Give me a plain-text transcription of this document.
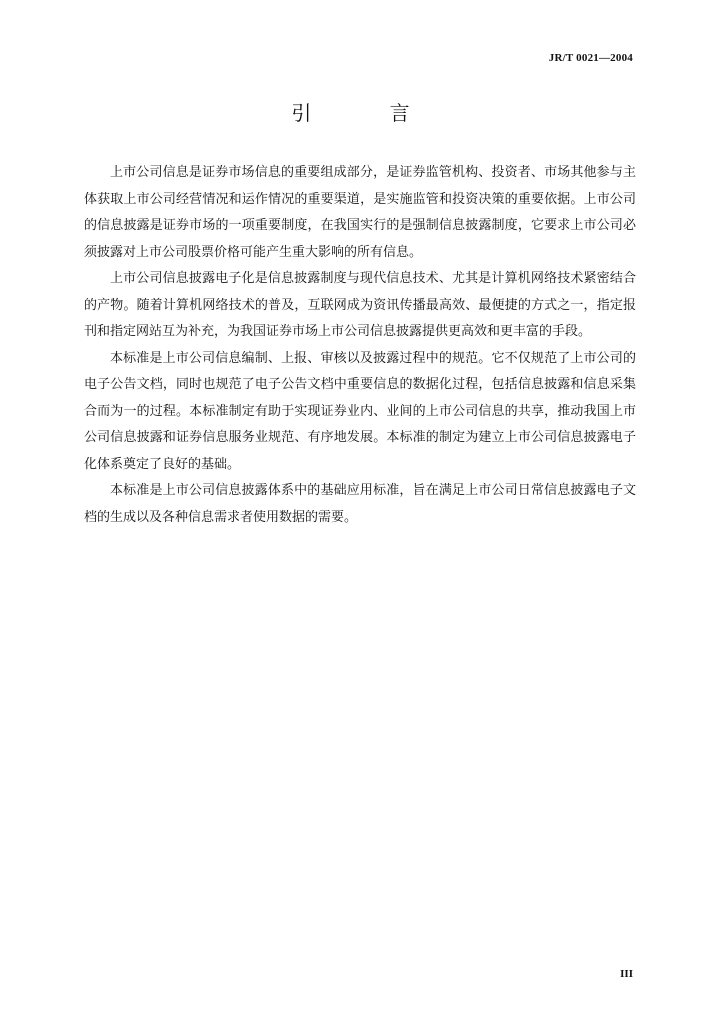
JR/T 0021—2004
引 言

上市公司信息是证券市场信息的重要组成部分，是证券监管机构、投资者、市场其他参与主体获取上市公司经营情况和运作情况的重要渠道，是实施监管和投资决策的重要依据。上市公司的信息披露是证券市场的一项重要制度，在我国实行的是强制信息披露制度，它要求上市公司必须披露对上市公司股票价格可能产生重大影响的所有信息。

上市公司信息披露电子化是信息披露制度与现代信息技术、尤其是计算机网络技术紧密结合的产物。随着计算机网络技术的普及，互联网成为资讯传播最高效、最便捷的方式之一，指定报刊和指定网站互为补充，为我国证券市场上市公司信息披露提供更高效和更丰富的手段。

本标准是上市公司信息编制、上报、审核以及披露过程中的规范。它不仅规范了上市公司的电子公告文档，同时也规范了电子公告文档中重要信息的数据化过程，包括信息披露和信息采集合而为一的过程。本标准制定有助于实现证券业内、业间的上市公司信息的共享，推动我国上市公司信息披露和证券信息服务业规范、有序地发展。本标准的制定为建立上市公司信息披露电子化体系奠定了良好的基础。

本标准是上市公司信息披露体系中的基础应用标准，旨在满足上市公司日常信息披露电子文档的生成以及各种信息需求者使用数据的需要。

III
